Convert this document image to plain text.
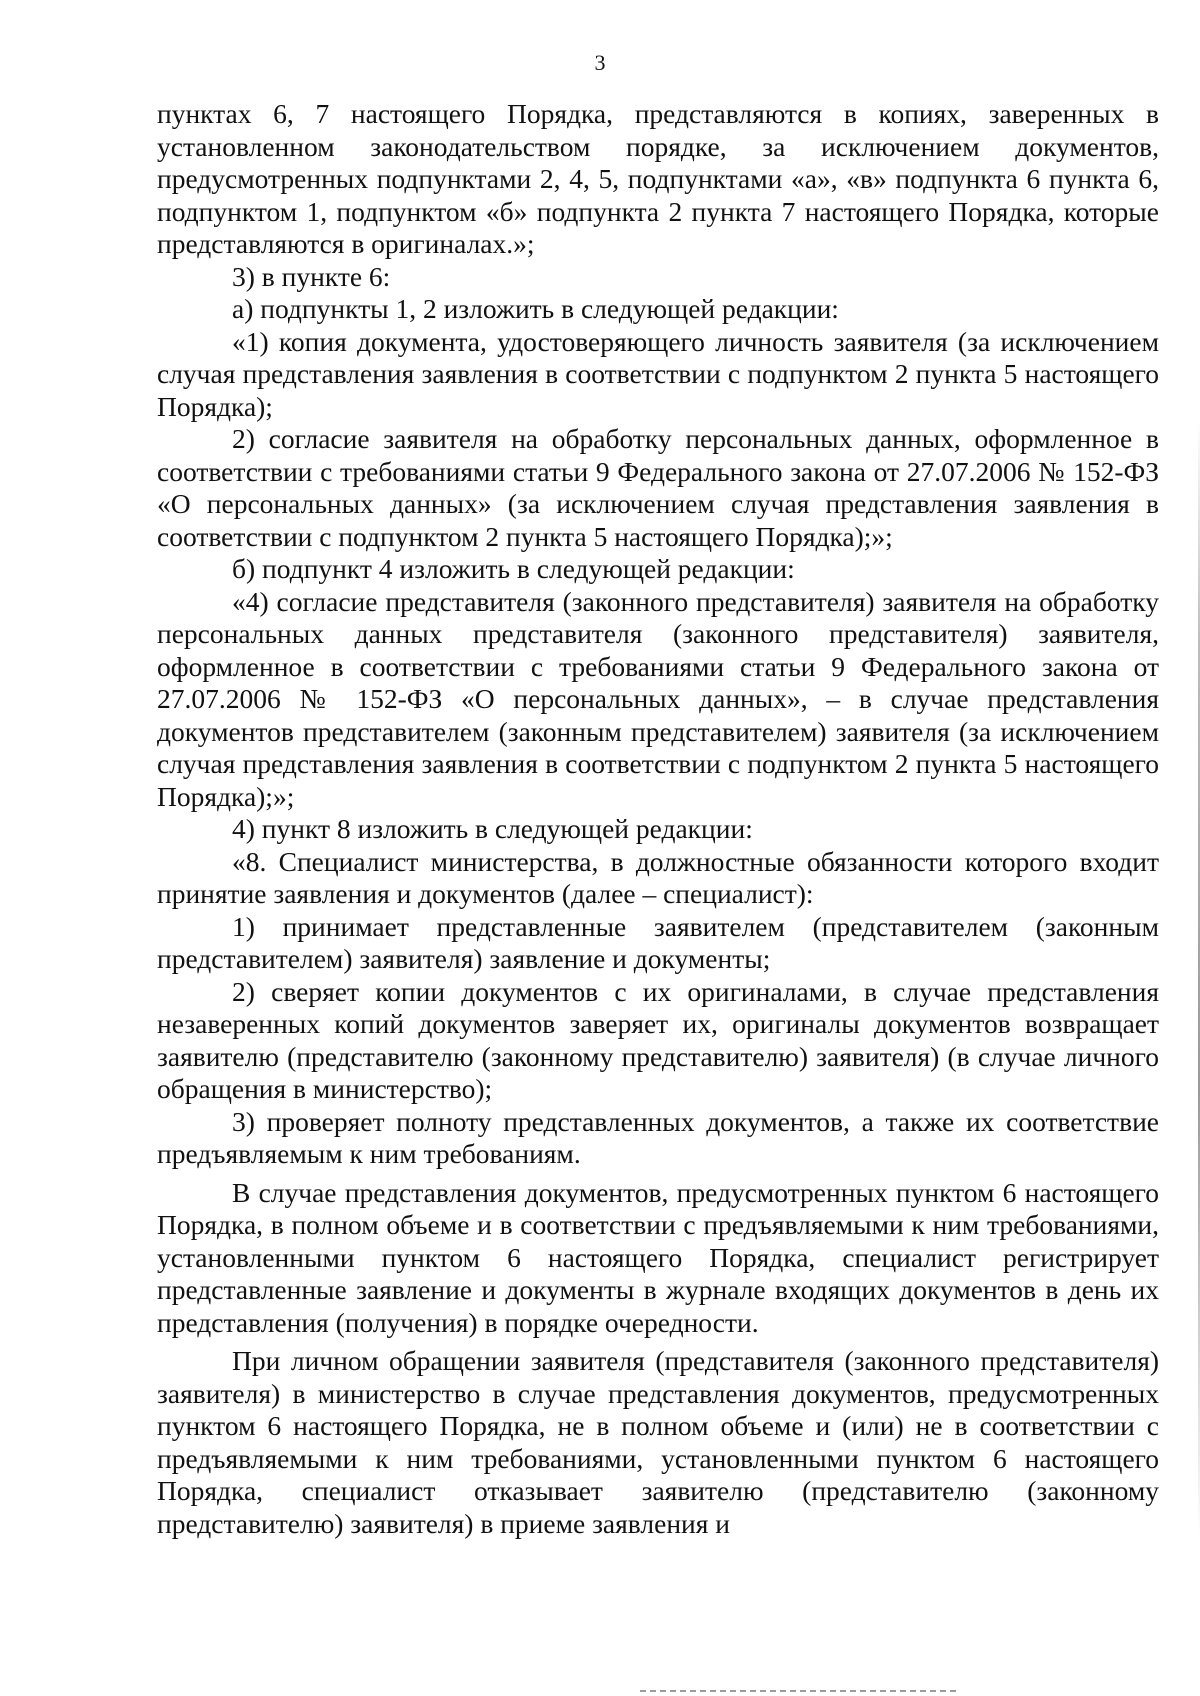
3

пунктах 6, 7 настоящего Порядка, представляются в копиях, заверенных в установленном законодательством порядке, за исключением документов, предусмотренных подпунктами 2, 4, 5, подпунктами «а», «в» подпункта 6 пункта 6, подпунктом 1, подпунктом «б» подпункта 2 пункта 7 настоящего Порядка, которые представляются в оригиналах.»;

3) в пункте 6:

а) подпункты 1, 2 изложить в следующей редакции:

«1) копия документа, удостоверяющего личность заявителя (за исключением случая представления заявления в соответствии с подпунктом 2 пункта 5 настоящего Порядка);

2) согласие заявителя на обработку персональных данных, оформленное в соответствии с требованиями статьи 9 Федерального закона от 27.07.2006 № 152-ФЗ «О персональных данных» (за исключением случая представления заявления в соответствии с подпунктом 2 пункта 5 настоящего Порядка);»;

б) подпункт 4 изложить в следующей редакции:

«4) согласие представителя (законного представителя) заявителя на обработку персональных данных представителя (законного представителя) заявителя, оформленное в соответствии с требованиями статьи 9 Федерального закона от 27.07.2006 № 152-ФЗ «О персональных данных», – в случае представления документов представителем (законным представителем) заявителя (за исключением случая представления заявления в соответствии с подпунктом 2 пункта 5 настоящего Порядка);»;

4) пункт 8 изложить в следующей редакции:

«8. Специалист министерства, в должностные обязанности которого входит принятие заявления и документов (далее – специалист):

1) принимает представленные заявителем (представителем (законным представителем) заявителя) заявление и документы;

2) сверяет копии документов с их оригиналами, в случае представления незаверенных копий документов заверяет их, оригиналы документов возвращает заявителю (представителю (законному представителю) заявителя) (в случае личного обращения в министерство);

3) проверяет полноту представленных документов, а также их соответствие предъявляемым к ним требованиям.

В случае представления документов, предусмотренных пунктом 6 настоящего Порядка, в полном объеме и в соответствии с предъявляемыми к ним требованиями, установленными пунктом 6 настоящего Порядка, специалист регистрирует представленные заявление и документы в журнале входящих документов в день их представления (получения) в порядке очередности.

При личном обращении заявителя (представителя (законного представителя) заявителя) в министерство в случае представления документов, предусмотренных пунктом 6 настоящего Порядка, не в полном объеме и (или) не в соответствии с предъявляемыми к ним требованиями, установленными пунктом 6 настоящего Порядка, специалист отказывает заявителю (представителю (законному представителю) заявителя) в приеме заявления и
